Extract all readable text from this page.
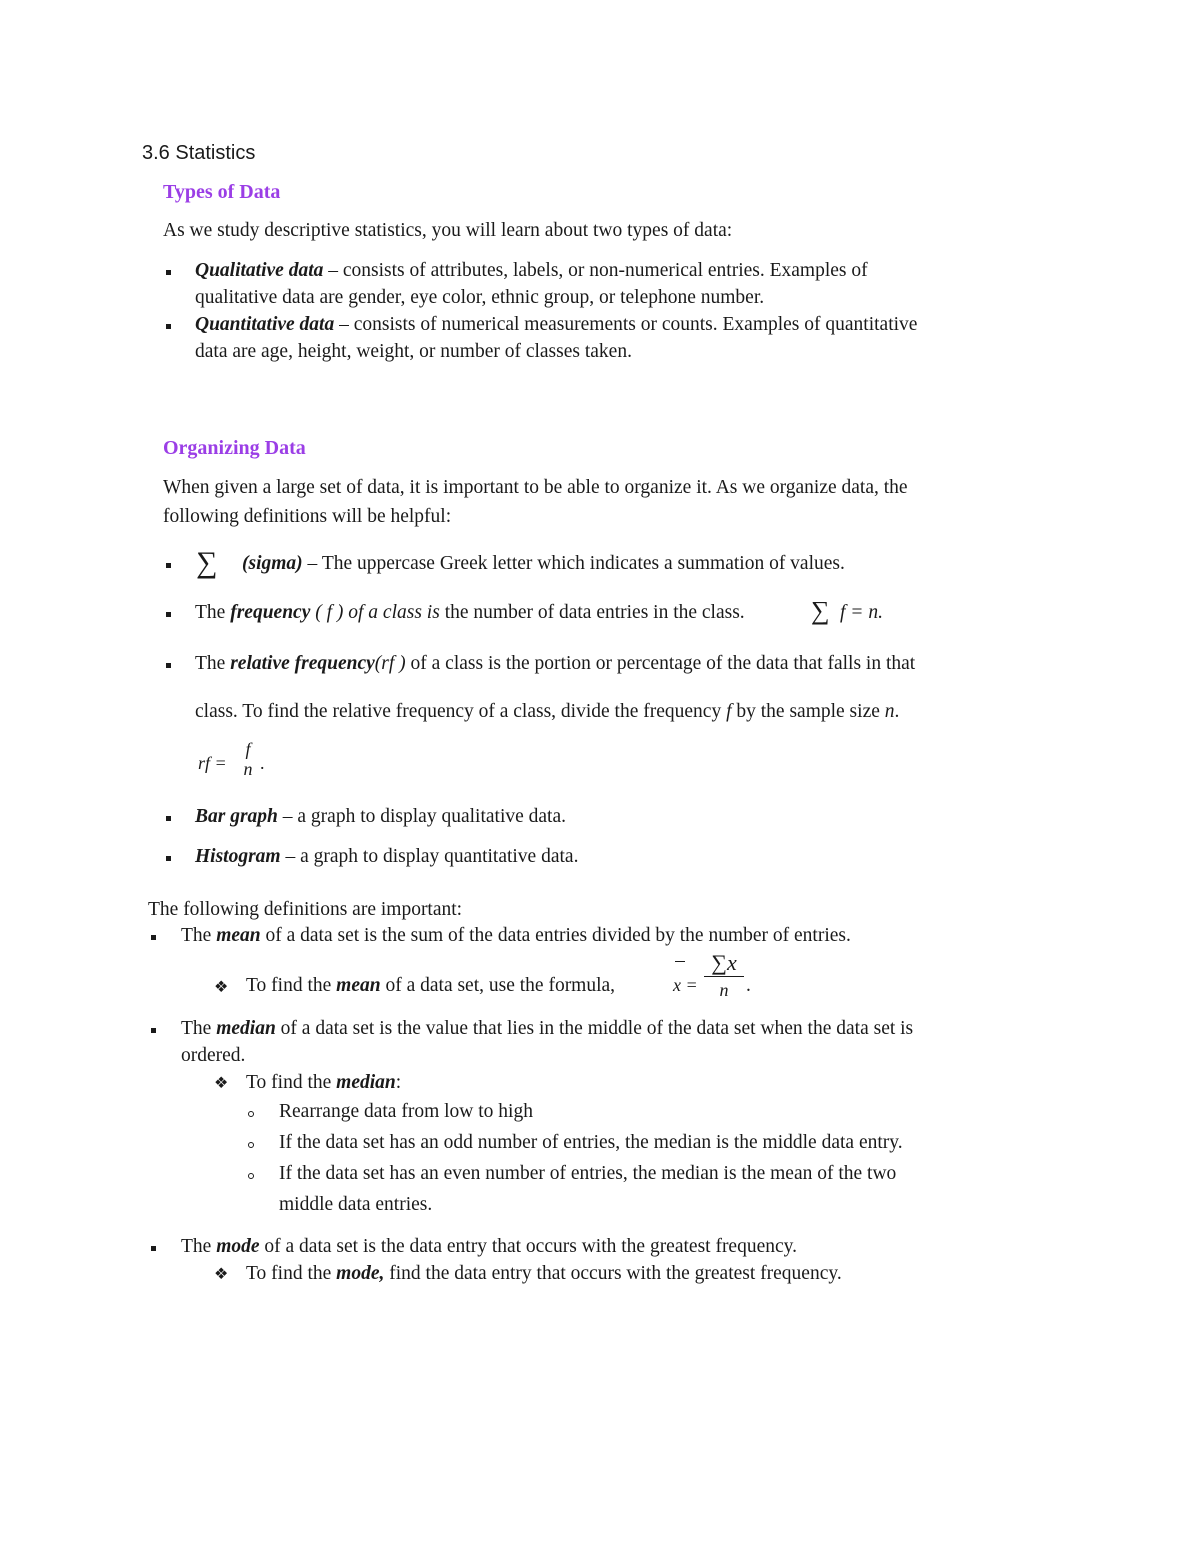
3.6 Statistics
Types of Data
As we study descriptive statistics, you will learn about two types of data:
Qualitative data – consists of attributes, labels, or non-numerical entries. Examples of
qualitative data are gender, eye color, ethnic group, or telephone number.
Quantitative data – consists of numerical measurements or counts. Examples of quantitative
data are age, height, weight, or number of classes taken.
Organizing Data
When given a large set of data, it is important to be able to organize it. As we organize data, the
following definitions will be helpful:
∑ (sigma) – The uppercase Greek letter which indicates a summation of values.
The frequency ( f ) of a class is the number of data entries in the class.	∑ f = n.
The relative frequency(rf ) of a class is the portion or percentage of the data that falls in that
class. To find the relative frequency of a class, divide the frequency f by the sample size n.
rf =
f
n .
Bar graph – a graph to display qualitative data.
Histogram – a graph to display quantitative data.
The following definitions are important:
The mean of a data set is the sum of the data entries divided by the number of entries.
❖ To find the mean of a data set, use the formula,	x =
∑x
n .
The median of a data set is the value that lies in the middle of the data set when the data set is
ordered.
❖ To find the median:
Rearrange data from low to high
If the data set has an odd number of entries, the median is the middle data entry.
If the data set has an even number of entries, the median is the mean of the two
middle data entries.
The mode of a data set is the data entry that occurs with the greatest frequency.
❖ To find the mode, find the data entry that occurs with the greatest frequency.
